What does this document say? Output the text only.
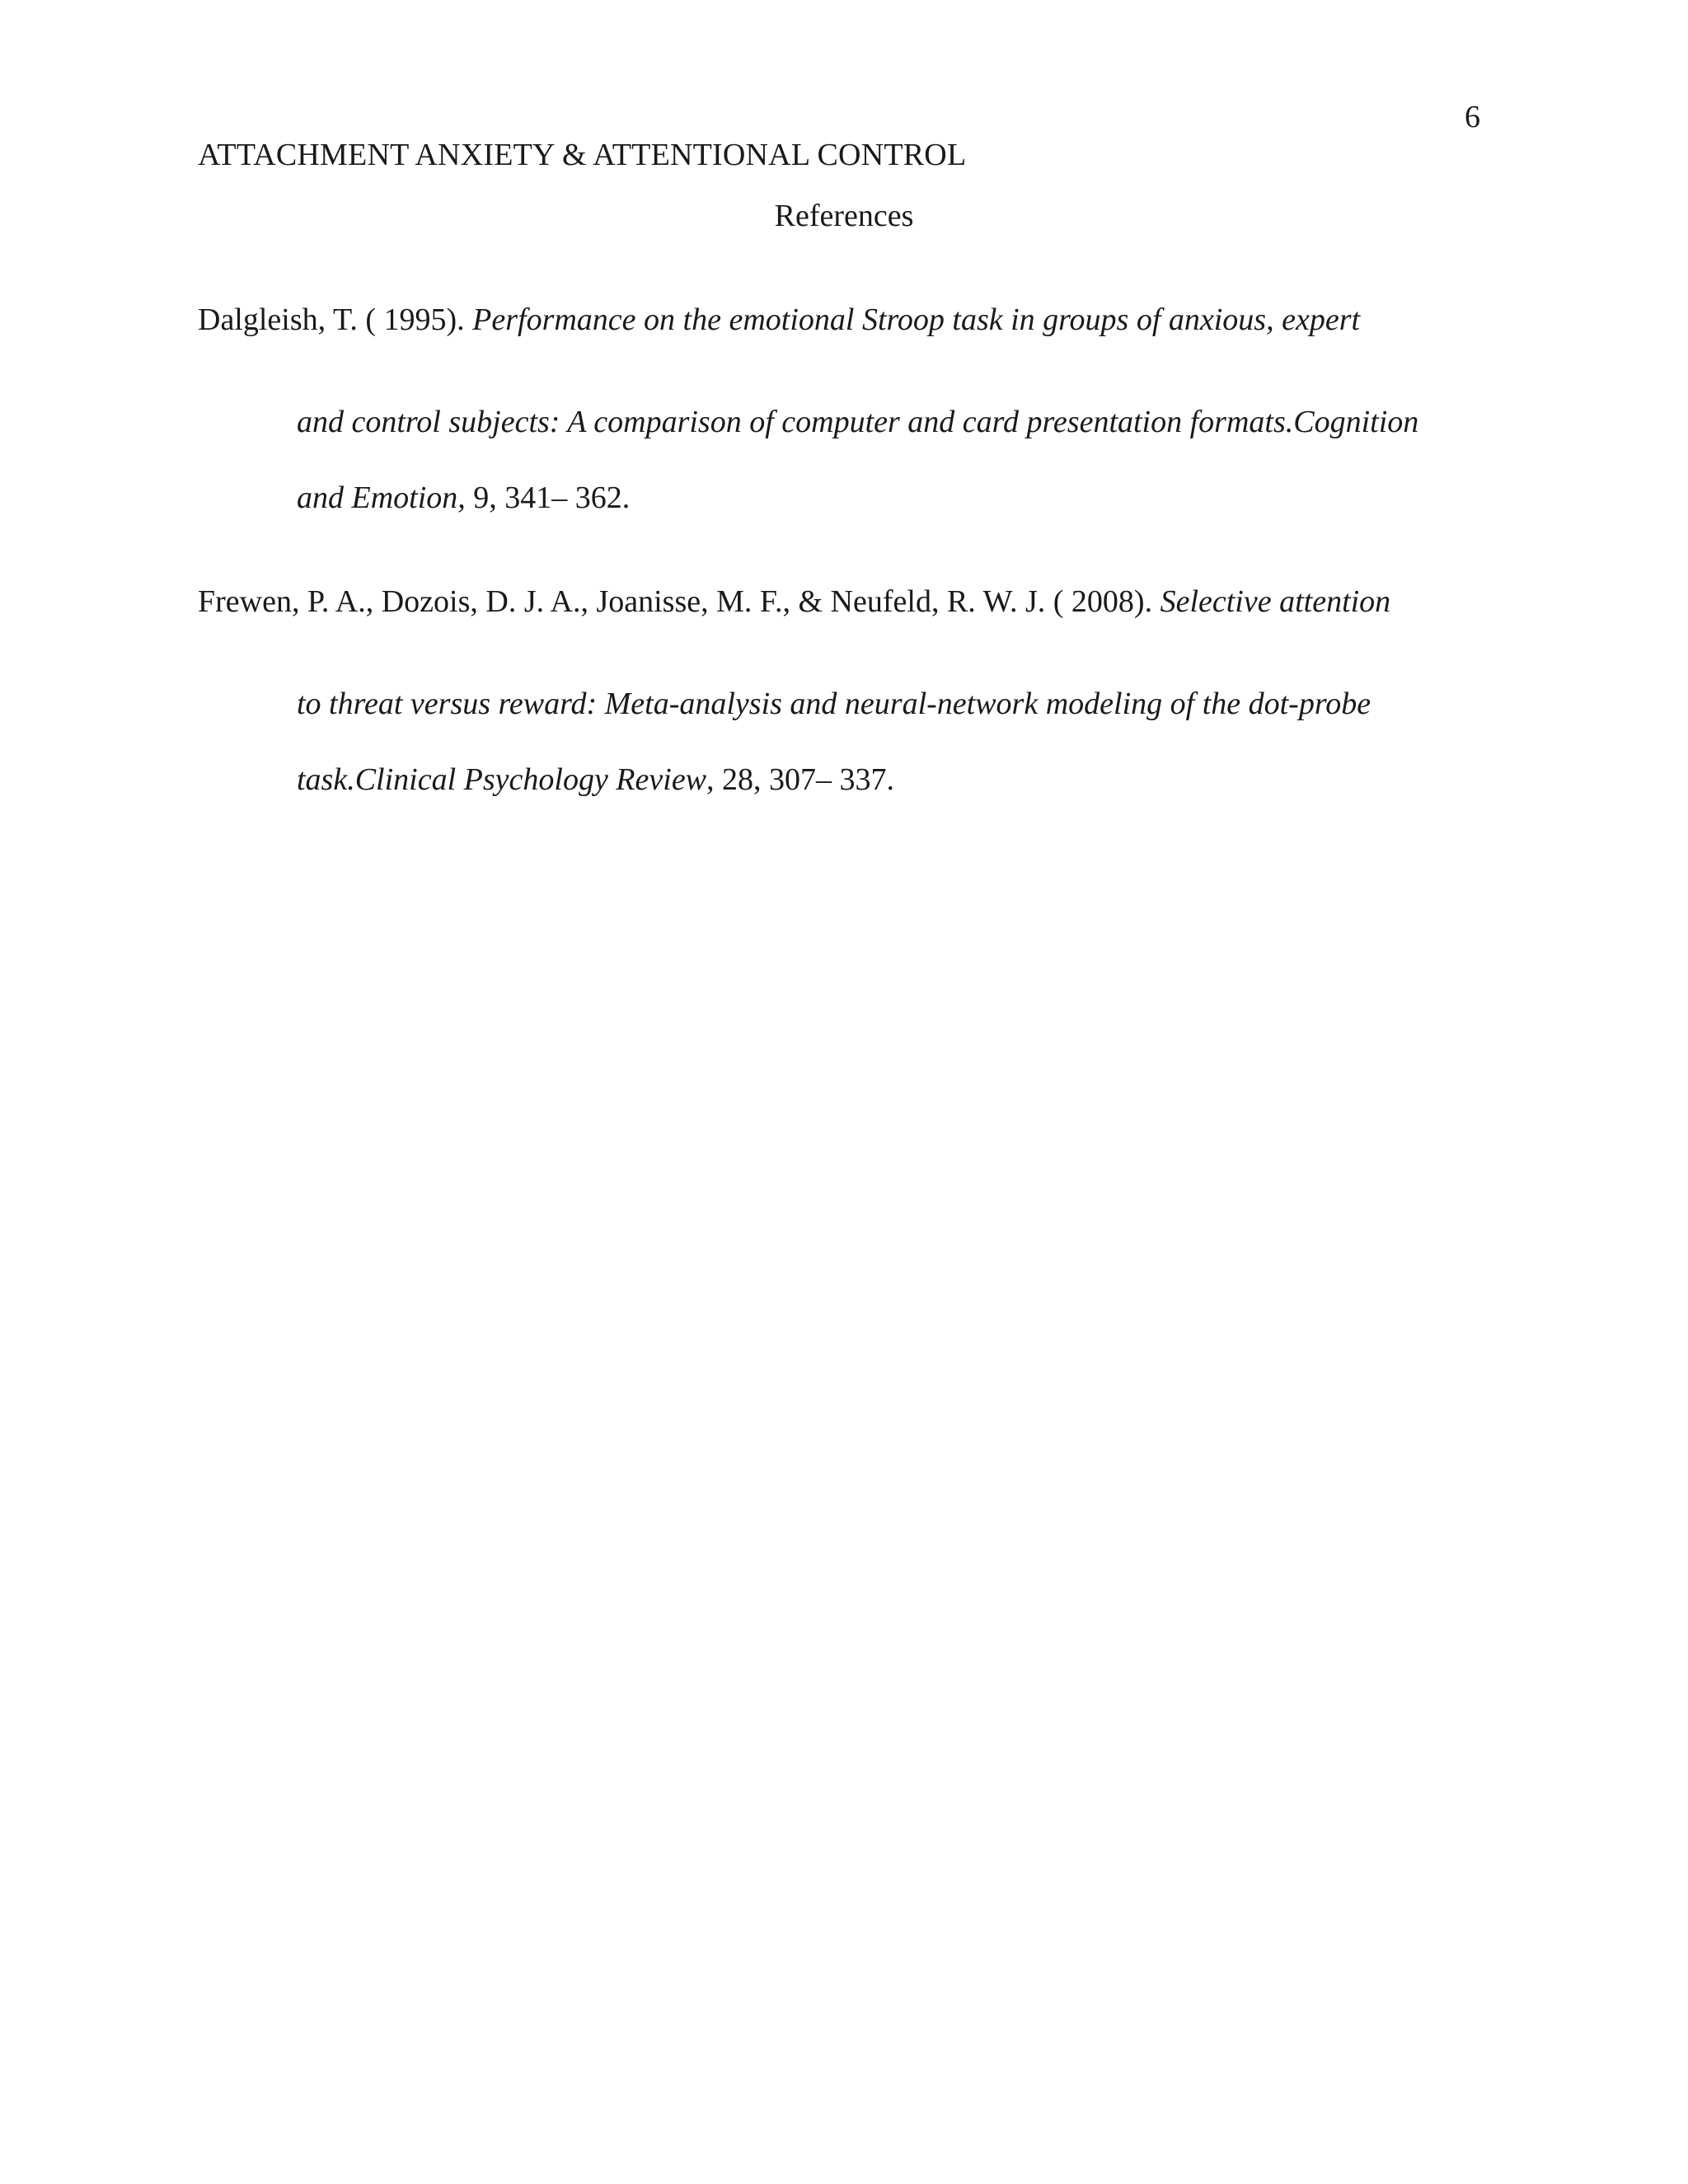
6
ATTACHMENT ANXIETY & ATTENTIONAL CONTROL
References
Dalgleish, T. ( 1995). Performance on the emotional Stroop task in groups of anxious, expert
and control subjects: A comparison of computer and card presentation formats.Cognition
and Emotion, 9, 341– 362.
Frewen, P. A., Dozois, D. J. A., Joanisse, M. F., & Neufeld, R. W. J. ( 2008). Selective attention
to threat versus reward: Meta-analysis and neural-network modeling of the dot-probe
task.Clinical Psychology Review, 28, 307– 337.
